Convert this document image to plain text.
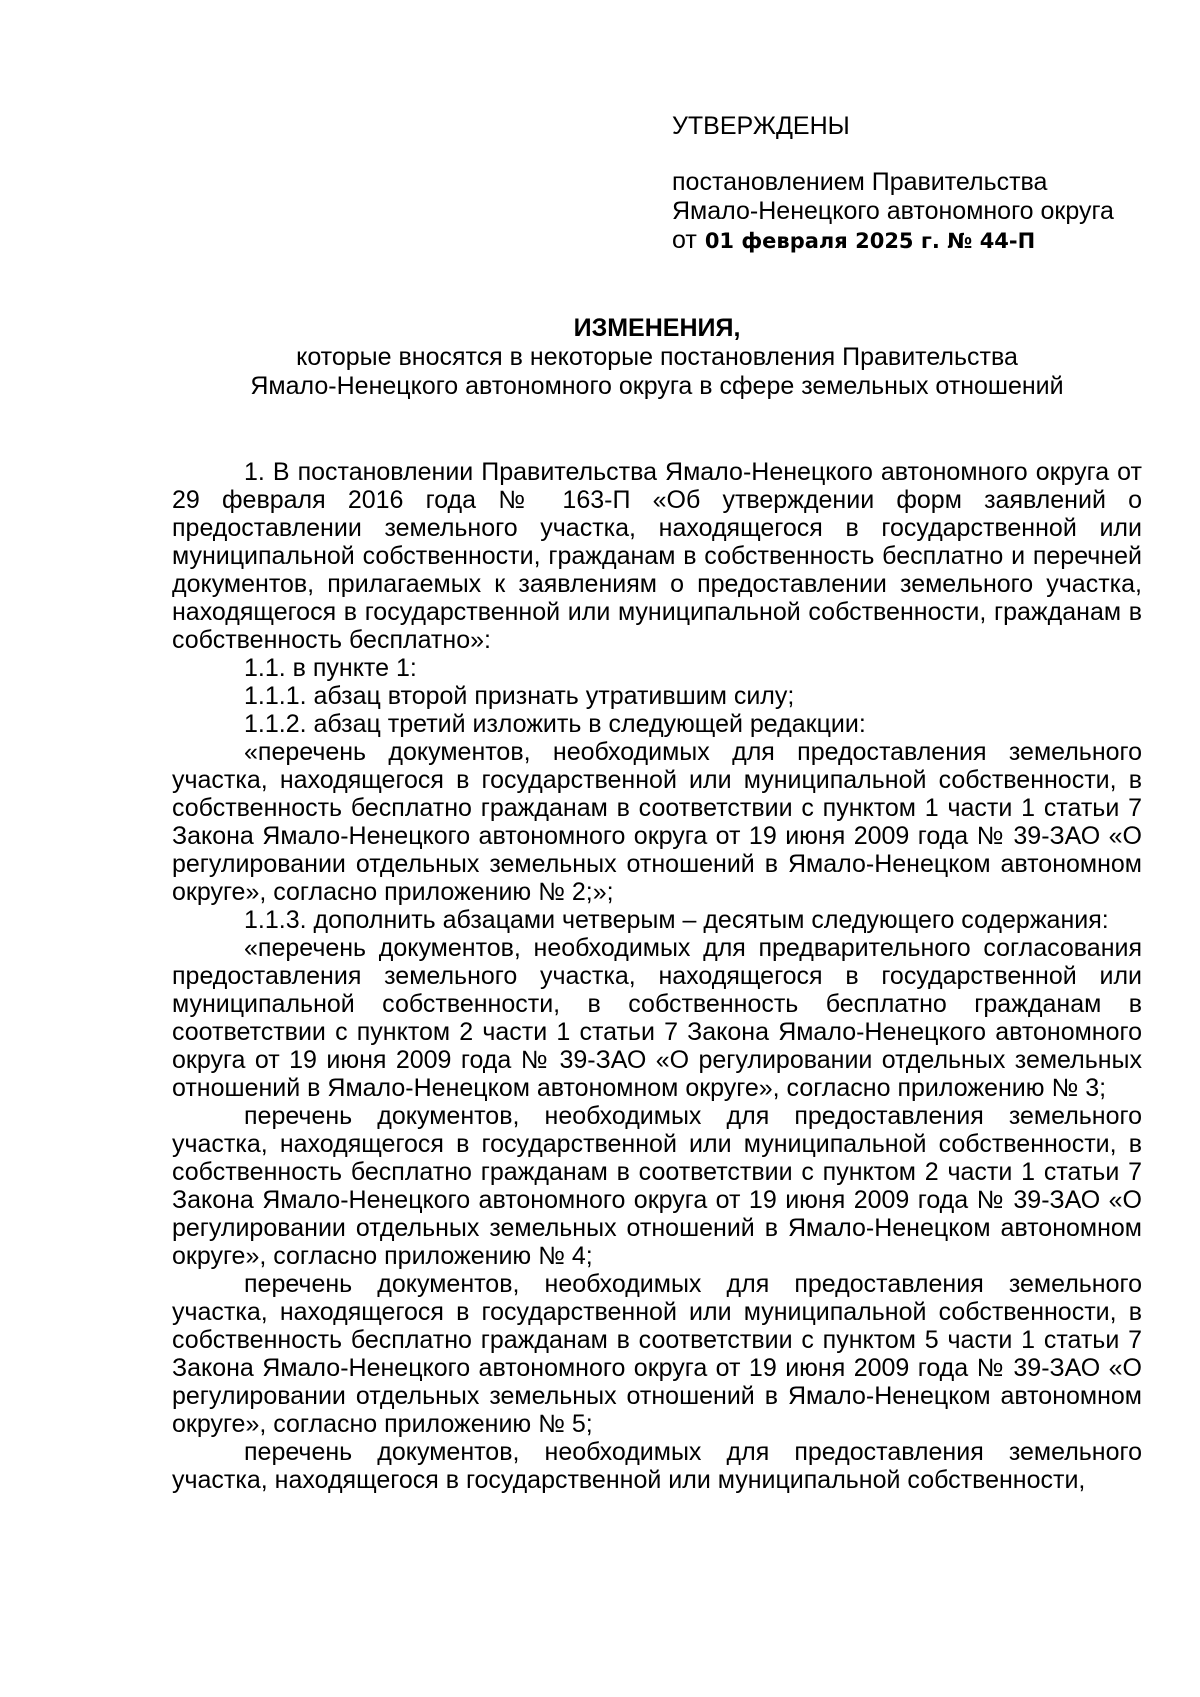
УТВЕРЖДЕНЫ
постановлением Правительства
Ямало-Ненецкого автономного округа
от 01 февраля 2025 г. № 44-П
ИЗМЕНЕНИЯ,
которые вносятся в некоторые постановления Правительства
Ямало-Ненецкого автономного округа в сфере земельных отношений

1. В постановлении Правительства Ямало-Ненецкого автономного округа от 29 февраля 2016 года № 163-П «Об утверждении форм заявлений о предоставлении земельного участка, находящегося в государственной или муниципальной собственности, гражданам в собственность бесплатно и перечней документов, прилагаемых к заявлениям о предоставлении земельного участка, находящегося в государственной или муниципальной собственности, гражданам в собственность бесплатно»:

1.1. в пункте 1:

1.1.1. абзац второй признать утратившим силу;

1.1.2. абзац третий изложить в следующей редакции:

«перечень документов, необходимых для предоставления земельного участка, находящегося в государственной или муниципальной собственности, в собственность бесплатно гражданам в соответствии с пунктом 1 части 1 статьи 7 Закона Ямало-Ненецкого автономного округа от 19 июня 2009 года № 39-ЗАО «О регулировании отдельных земельных отношений в Ямало-Ненецком автономном округе», согласно приложению № 2;»;

1.1.3. дополнить абзацами четверым – десятым следующего содержания:

«перечень документов, необходимых для предварительного согласования предоставления земельного участка, находящегося в государственной или муниципальной собственности, в собственность бесплатно гражданам в соответствии с пунктом 2 части 1 статьи 7 Закона Ямало-Ненецкого автономного округа от 19 июня 2009 года № 39-ЗАО «О регулировании отдельных земельных отношений в Ямало-Ненецком автономном округе», согласно приложению № 3;

перечень документов, необходимых для предоставления земельного участка, находящегося в государственной или муниципальной собственности, в собственность бесплатно гражданам в соответствии с пунктом 2 части 1 статьи 7 Закона Ямало-Ненецкого автономного округа от 19 июня 2009 года № 39-ЗАО «О регулировании отдельных земельных отношений в Ямало-Ненецком автономном округе», согласно приложению № 4;

перечень документов, необходимых для предоставления земельного участка, находящегося в государственной или муниципальной собственности, в собственность бесплатно гражданам в соответствии с пунктом 5 части 1 статьи 7 Закона Ямало-Ненецкого автономного округа от 19 июня 2009 года № 39-ЗАО «О регулировании отдельных земельных отношений в Ямало-Ненецком автономном округе», согласно приложению № 5;

перечень документов, необходимых для предоставления земельного участка, находящегося в государственной или муниципальной собственности,
